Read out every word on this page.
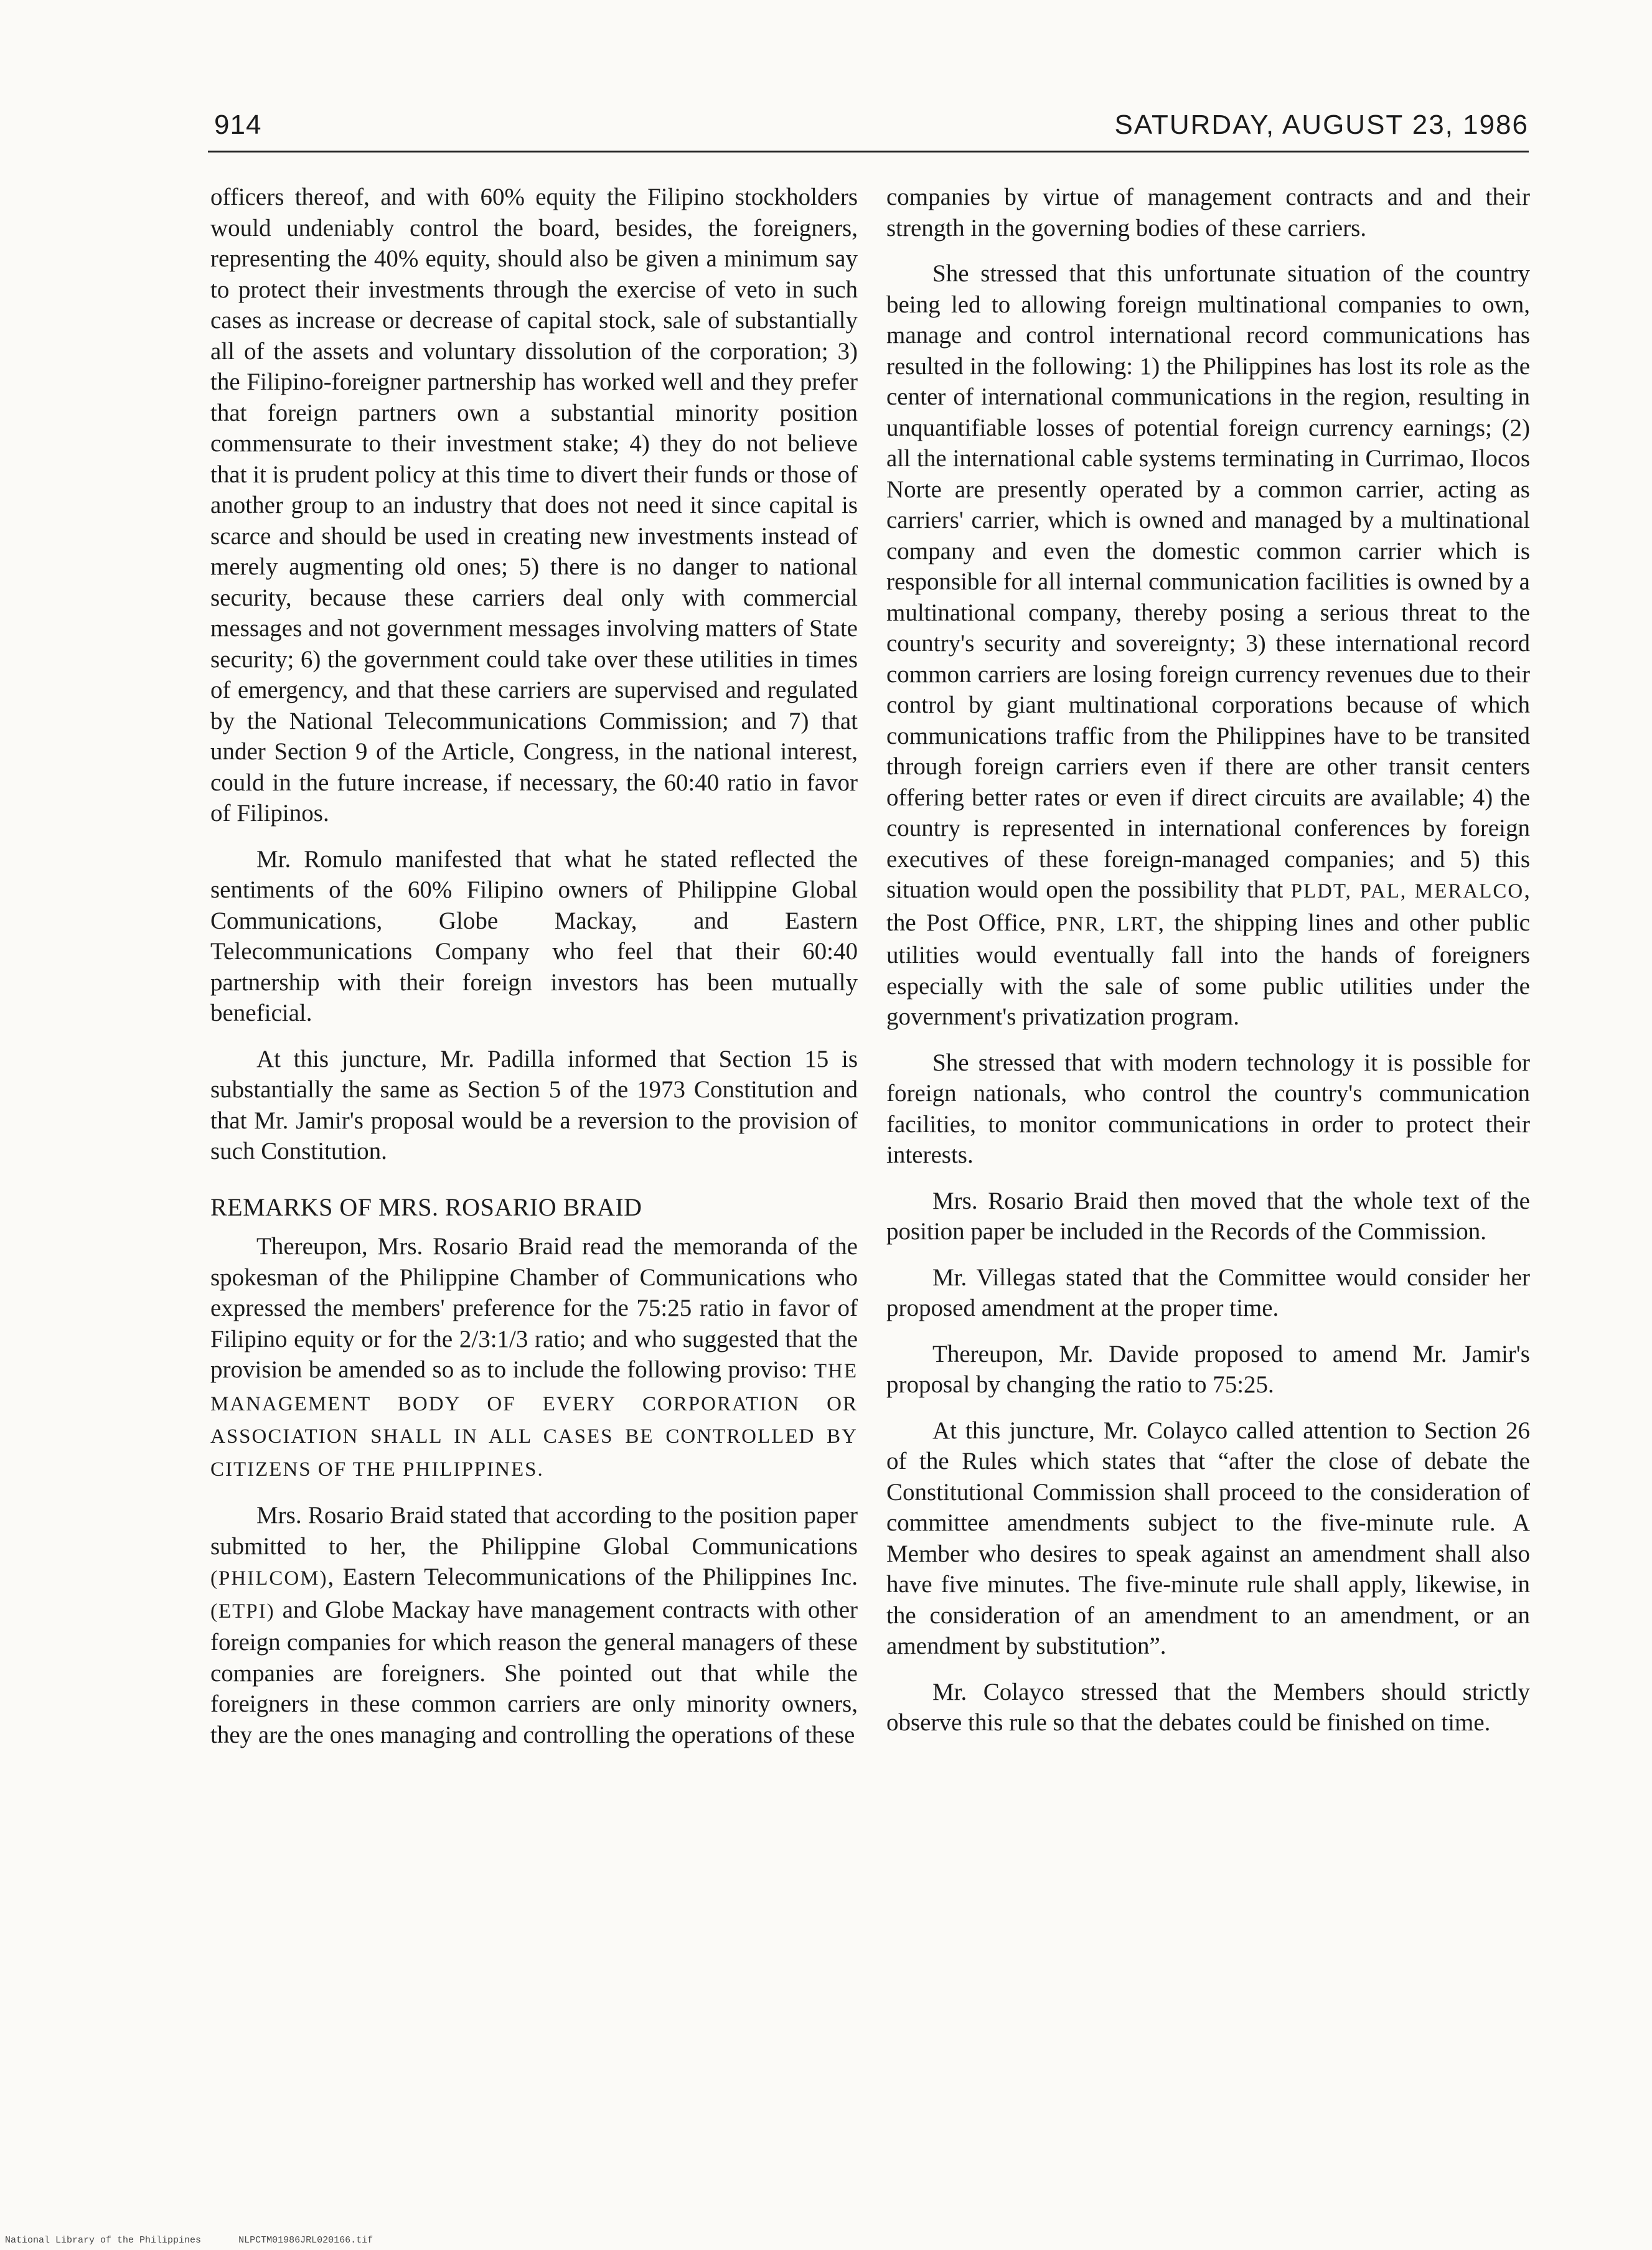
914	SATURDAY, AUGUST 23, 1986

officers thereof, and with 60% equity the Filipino stockholders would undeniably control the board, besides, the foreigners, representing the 40% equity, should also be given a minimum say to protect their investments through the exercise of veto in such cases as increase or decrease of capital stock, sale of substantially all of the assets and voluntary dissolution of the corporation; 3) the Filipino-foreigner partnership has worked well and they prefer that foreign partners own a substantial minority position commensurate to their investment stake; 4) they do not believe that it is prudent policy at this time to divert their funds or those of another group to an industry that does not need it since capital is scarce and should be used in creating new investments instead of merely augmenting old ones; 5) there is no danger to national security, because these carriers deal only with commercial messages and not government messages involving matters of State security; 6) the government could take over these utilities in times of emergency, and that these carriers are supervised and regulated by the National Telecommunications Commission; and 7) that under Section 9 of the Article, Congress, in the national interest, could in the future increase, if necessary, the 60:40 ratio in favor of Filipinos.

Mr. Romulo manifested that what he stated reflected the sentiments of the 60% Filipino owners of Philippine Global Communications, Globe Mackay, and Eastern Telecommunications Company who feel that their 60:40 partnership with their foreign investors has been mutually beneficial.

At this juncture, Mr. Padilla informed that Section 15 is substantially the same as Section 5 of the 1973 Constitution and that Mr. Jamir's proposal would be a reversion to the provision of such Constitution.

REMARKS OF MRS. ROSARIO BRAID

Thereupon, Mrs. Rosario Braid read the memoranda of the spokesman of the Philippine Chamber of Communications who expressed the members' preference for the 75:25 ratio in favor of Filipino equity or for the 2/3:1/3 ratio; and who suggested that the provision be amended so as to include the following proviso: THE MANAGEMENT BODY OF EVERY CORPORATION OR ASSOCIATION SHALL IN ALL CASES BE CONTROLLED BY CITIZENS OF THE PHILIPPINES.

Mrs. Rosario Braid stated that according to the position paper submitted to her, the Philippine Global Communications (PHILCOM), Eastern Telecommunications of the Philippines Inc. (ETPI) and Globe Mackay have management contracts with other foreign companies for which reason the general managers of these companies are foreigners. She pointed out that while the foreigners in these common carriers are only minority owners, they are the ones managing and controlling the operations of these

companies by virtue of management contracts and and their strength in the governing bodies of these carriers.

She stressed that this unfortunate situation of the country being led to allowing foreign multinational companies to own, manage and control international record communications has resulted in the following: 1) the Philippines has lost its role as the center of international communications in the region, resulting in unquantifiable losses of potential foreign currency earnings; (2) all the international cable systems terminating in Currimao, Ilocos Norte are presently operated by a common carrier, acting as carriers' carrier, which is owned and managed by a multinational company and even the domestic common carrier which is responsible for all internal communication facilities is owned by a multinational company, thereby posing a serious threat to the country's security and sovereignty; 3) these international record common carriers are losing foreign currency revenues due to their control by giant multinational corporations because of which communications traffic from the Philippines have to be transited through foreign carriers even if there are other transit centers offering better rates or even if direct circuits are available; 4) the country is represented in international conferences by foreign executives of these foreign-managed companies; and 5) this situation would open the possibility that PLDT, PAL, MERALCO, the Post Office, PNR, LRT, the shipping lines and other public utilities would eventually fall into the hands of foreigners especially with the sale of some public utilities under the government's privatization program.

She stressed that with modern technology it is possible for foreign nationals, who control the country's communication facilities, to monitor communications in order to protect their interests.

Mrs. Rosario Braid then moved that the whole text of the position paper be included in the Records of the Commission.

Mr. Villegas stated that the Committee would consider her proposed amendment at the proper time.

Thereupon, Mr. Davide proposed to amend Mr. Jamir's proposal by changing the ratio to 75:25.

At this juncture, Mr. Colayco called attention to Section 26 of the Rules which states that “after the close of debate the Constitutional Commission shall proceed to the consideration of committee amendments subject to the five-minute rule. A Member who desires to speak against an amendment shall also have five minutes. The five-minute rule shall apply, likewise, in the consideration of an amendment to an amendment, or an amendment by substitution”.

Mr. Colayco stressed that the Members should strictly observe this rule so that the debates could be finished on time.

National Library of the Philippines	NLPCTM01986JRL020166.tif
